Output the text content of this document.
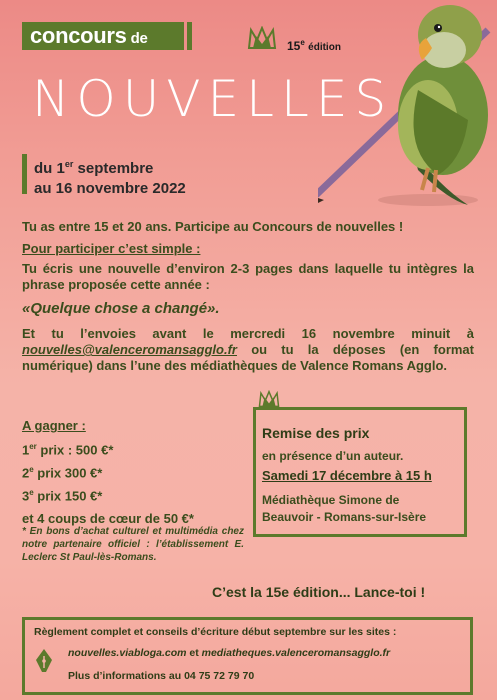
concours de	15e édition
NOUVELLES
du 1er septembre
au 16 novembre 2022
Tu as entre 15 et 20 ans. Participe au Concours de nouvelles !
Pour participer c’est simple :
Tu écris une nouvelle d’environ 2-3 pages dans laquelle tu intègres la phrase proposée cette année :
«Quelque chose a changé».
Et tu l’envoies avant le mercredi 16 novembre minuit à nouvelles@valenceromansagglo.fr ou tu la déposes (en format numérique) dans l’une des médiathèques de Valence Romans Agglo.
A gagner :
1er prix : 500 €*
2e prix 300 €*
3e prix 150 €*
et 4 coups de cœur de 50 €*
* En bons d’achat culturel et multimédia chez notre partenaire officiel : l’établissement E. Leclerc St Paul-lès-Romans.
Remise des prix
en présence d’un auteur.
Samedi 17 décembre à 15 h
Médiathèque Simone de
Beauvoir - Romans-sur-Isère
C’est la 15e édition... Lance-toi !
Règlement complet et conseils d’écriture début septembre sur les sites :
nouvelles.viabloga.com et mediatheques.valenceromansagglo.fr
Plus d’informations au 04 75 72 79 70
